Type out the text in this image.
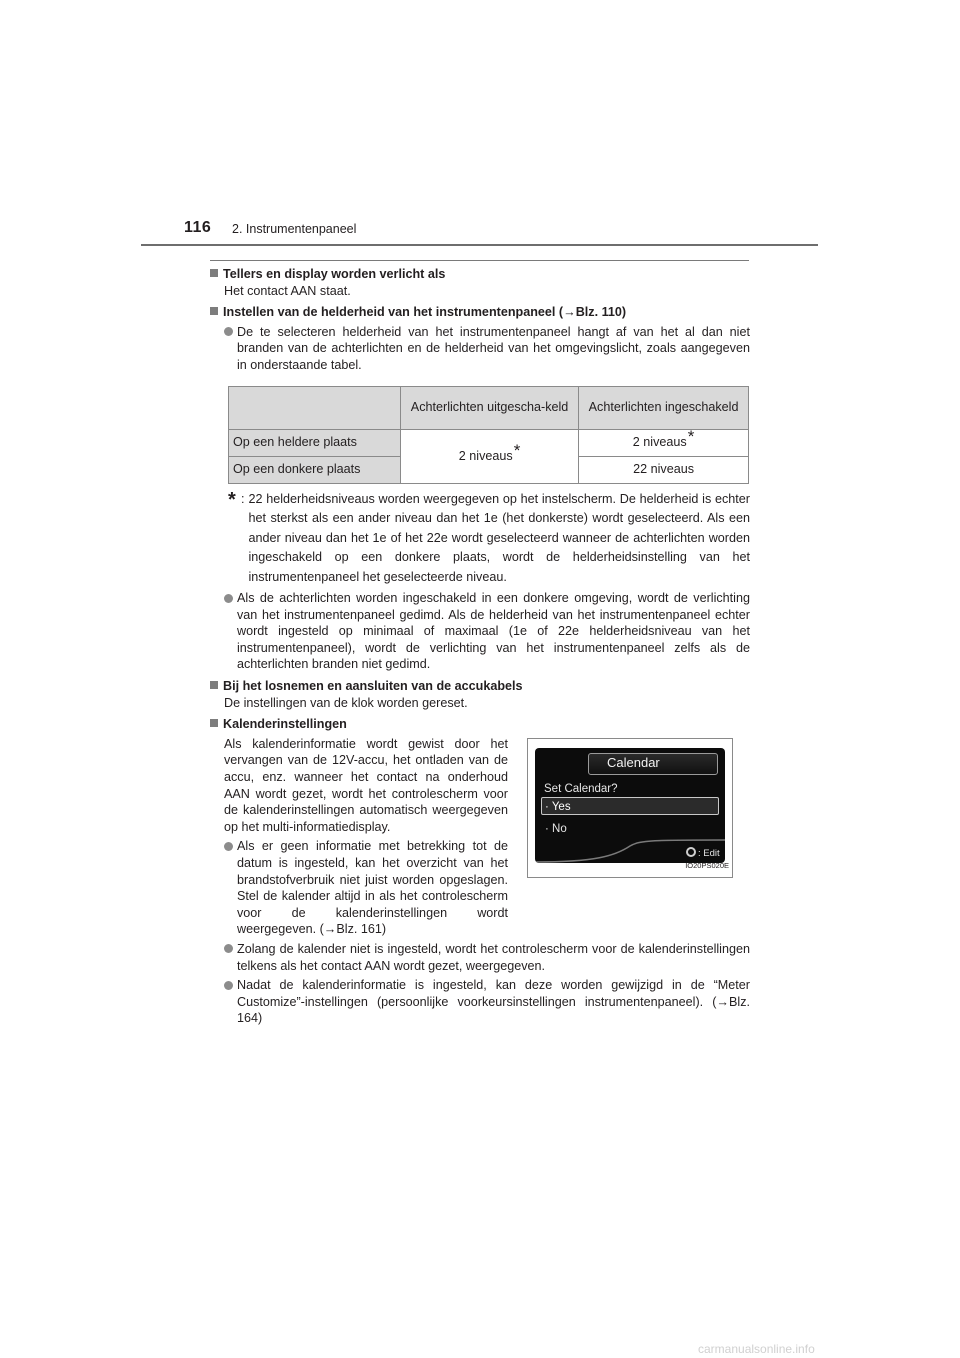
116 2. Instrumentenpaneel
Tellers en display worden verlicht als
Het contact AAN staat.
Instellen van de helderheid van het instrumentenpaneel (→Blz. 110)
De te selecteren helderheid van het instrumentenpaneel hangt af van het al dan niet branden van de achterlichten en de helderheid van het omgevingslicht, zoals aangegeven in onderstaande tabel.
	Achterlichten uitgescha-keld	Achterlichten ingeschakeld
Op een heldere plaats	2 niveaus*	2 niveaus*
Op een donkere plaats		22 niveaus
* : 22 helderheidsniveaus worden weergegeven op het instelscherm. De helderheid is echter het sterkst als een ander niveau dan het 1e (het donkerste) wordt geselecteerd. Als een ander niveau dan het 1e of het 22e wordt geselecteerd wanneer de achterlichten worden ingeschakeld op een donkere plaats, wordt de helderheidsinstelling van het instrumentenpaneel het geselecteerde niveau.
Als de achterlichten worden ingeschakeld in een donkere omgeving, wordt de verlichting van het instrumentenpaneel gedimd. Als de helderheid van het instrumentenpaneel echter wordt ingesteld op minimaal of maximaal (1e of 22e helderheidsniveau van het instrumentenpaneel), wordt de verlichting van het instrumentenpaneel zelfs als de achterlichten branden niet gedimd.
Bij het losnemen en aansluiten van de accukabels
De instellingen van de klok worden gereset.
Kalenderinstellingen
Als kalenderinformatie wordt gewist door het vervangen van de 12V-accu, het ontladen van de accu, enz. wanneer het contact na onderhoud AAN wordt gezet, wordt het controlescherm voor de kalenderinstellingen automatisch weergegeven op het multi-informatiedisplay.
Als er geen informatie met betrekking tot de datum is ingesteld, kan het overzicht van het brandstofverbruik niet juist worden opgeslagen. Stel de kalender altijd in als het controlescherm voor de kalenderinstellingen wordt weergegeven. (→Blz. 161)
Calendar
Set Calendar?
· Yes
· No
: Edit
IO20PS020E
Zolang de kalender niet is ingesteld, wordt het controlescherm voor de kalenderinstellingen telkens als het contact AAN wordt gezet, weergegeven.
Nadat de kalenderinformatie is ingesteld, kan deze worden gewijzigd in de “Meter Customize”-instellingen (persoonlijke voorkeursinstellingen instrumentenpaneel). (→Blz. 164)
carmanualsonline.info
